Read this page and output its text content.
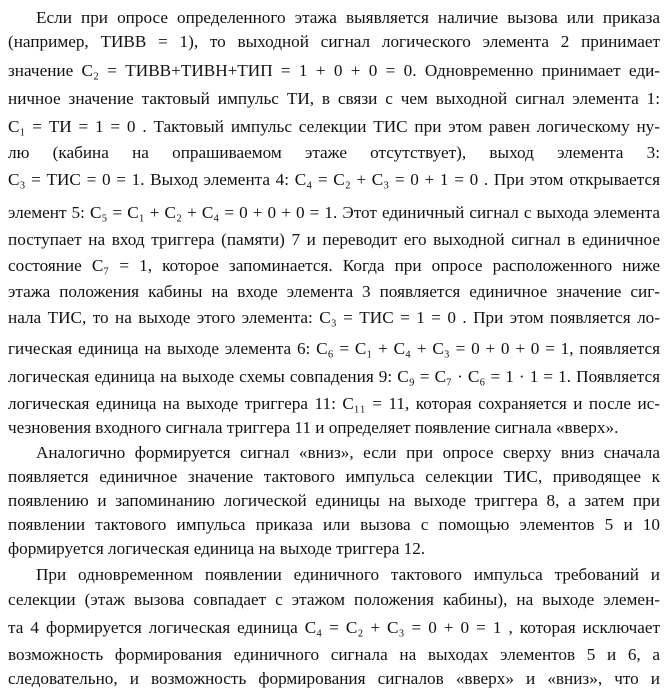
Если при опросе определенного этажа выявляется наличие вызова или приказа
(например, ТИВВ = 1), то выходной сигнал логического элемента 2 принимает
значение C₂ = ТИВВ+ТИВН+ТИП = 1 + 0 + 0 = 0. Одновременно принимает еди-
ничное значение тактовый импульс ТИ, в связи с чем выходной сигнал элемента 1:
C₁ = ТИ = 1 = 0 . Тактовый импульс селекции ТИС при этом равен логическому ну-
лю (кабина на опрашиваемом этаже отсутствует), выход элемента 3:
C₃ = ТИС = 0 = 1. Выход элемента 4: C₄ = C₂ + C₃ = 0 + 1 = 0 . При этом открывается
элемент 5: C₅ = C₁ + C₂ + C₄ = 0 + 0 + 0 = 1. Этот единичный сигнал с выхода элемента
поступает на вход триггера (памяти) 7 и переводит его выходной сигнал в единичное
состояние C₇ = 1, которое запоминается. Когда при опросе расположенного ниже
этажа положения кабины на входе элемента 3 появляется единичное значение сиг-
нала ТИС, то на выходе этого элемента: C₃ = ТИС = 1 = 0 . При этом появляется ло-
гическая единица на выходе элемента 6: C₆ = C₁ + C₄ + C₃ = 0 + 0 + 0 = 1, появляется
логическая единица на выходе схемы совпадения 9: C₉ = C₇ · C₆ = 1 · 1 = 1. Появляется
логическая единица на выходе триггера 11: C₁₁ = 11, которая сохраняется и после ис-
чезновения входного сигнала триггера 11 и определяет появление сигнала «вверх».
Аналогично формируется сигнал «вниз», если при опросе сверху вниз сначала
появляется единичное значение тактового импульса селекции ТИС, приводящее к
появлению и запоминанию логической единицы на выходе триггера 8, а затем при
появлении тактового импульса приказа или вызова с помощью элементов 5 и 10
формируется логическая единица на выходе триггера 12.
При одновременном появлении единичного тактового импульса требований и
селекции (этаж вызова совпадает с этажом положения кабины), на выходе элемен-
та 4 формируется логическая единица C₄ = C₂ + C₃ = 0 + 0 = 1 , которая исключает
возможность формирования единичного сигнала на выходах элементов 5 и 6, а
следовательно, и возможность формирования сигналов «вверх» и «вниз», что и
